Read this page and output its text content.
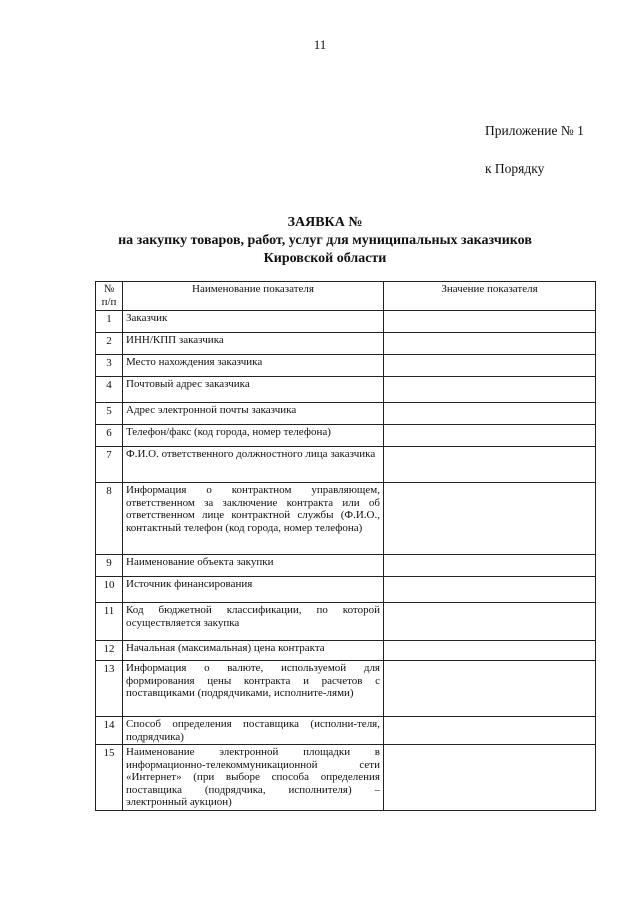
11
Приложение № 1
к Порядку
ЗАЯВКА №
на закупку товаров, работ, услуг для муниципальных заказчиков
Кировской области
№ п/п	Наименование показателя	Значение показателя
1	Заказчик	
2	ИНН/КПП заказчика	
3	Место нахождения заказчика	
4	Почтовый адрес заказчика	
5	Адрес электронной почты заказчика	
6	Телефон/факс (код города, номер телефона)	
7	Ф.И.О. ответственного должностного лица заказчика	
8	Информация о контрактном управляющем, ответственном за заключение контракта или об ответственном лице контрактной службы (Ф.И.О., контактный телефон (код города, номер телефона)	
9	Наименование объекта закупки	
10	Источник финансирования	
11	Код бюджетной классификации, по которой осуществляется закупка	
12	Начальная (максимальная) цена контракта	
13	Информация о валюте, используемой для формирования цены контракта и расчетов с поставщиками (подрядчиками, исполните-лями)	
14	Способ определения поставщика (исполни-теля, подрядчика)	
15	Наименование электронной площадки в информационно-телекоммуникационной сети «Интернет» (при выборе способа определения поставщика (подрядчика, исполнителя) – электронный аукцион)	
